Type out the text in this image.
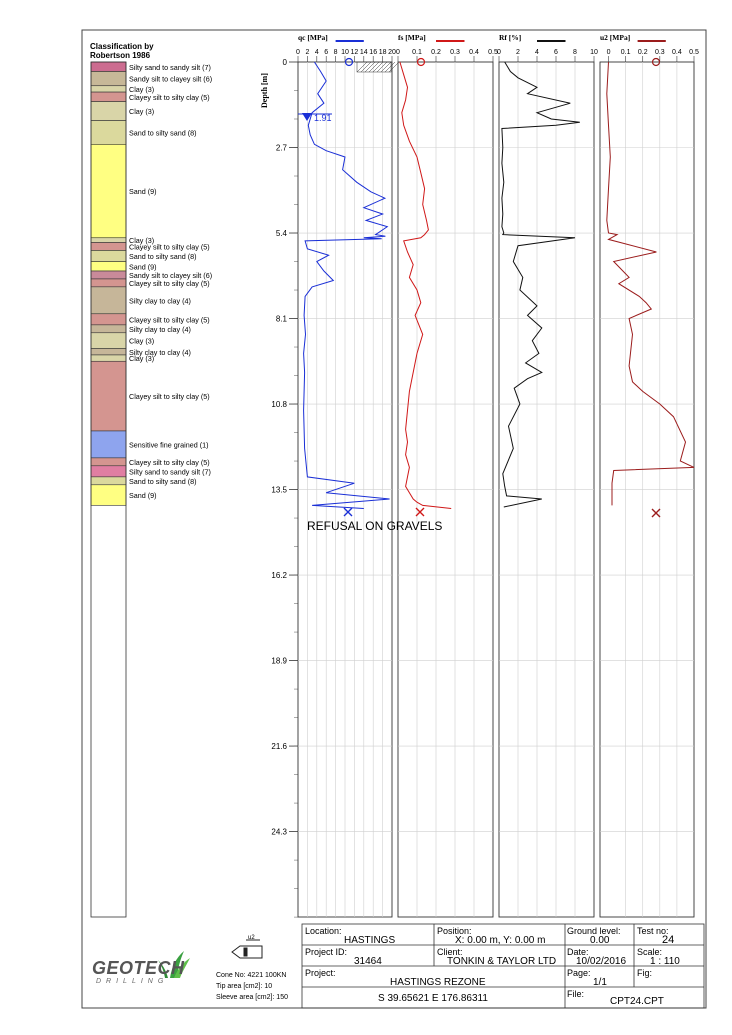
Classification by
Robertson 1986
Silty sand to sandy silt (7)
Sandy silt to clayey silt (6)
Clay (3)
Clayey silt to silty clay (5)
Clay (3)
Sand to silty sand (8)
Sand (9)
Clay (3)
Clayey silt to silty clay (5)
Sand to silty sand (8)
Sand (9)
Sandy silt to clayey silt (6)
Clayey silt to silty clay (5)
Silty clay to clay (4)
Clayey silt to silty clay (5)
Silty clay to clay (4)
Clay (3)
Silty clay to clay (4)
Clay (3)
Clayey silt to silty clay (5)
Sensitive fine grained (1)
Clayey silt to silty clay (5)
Silty sand to sandy silt (7)
Sand to silty sand (8)
Sand (9)
Depth [m]
0
2.7
5.4
8.1
10.8
13.5
16.2
18.9
21.6
24.3
qc [MPa]
0 2 4 6 8 10 12 14 16 18 20
fs [MPa]
0 0.1 0.2 0.3 0.4 0.5
Rf [%]
0 2 4 6 8 10
u2 [MPa]
0 0.1 0.2 0.3 0.4 0.5
1.91
REFUSAL ON GRAVELS
u2
Location:
HASTINGS
Position:
X: 0.00 m, Y: 0.00 m
Ground level:
0.00
Test no:
24
Project ID:
31464
Client:
TONKIN & TAYLOR LTD
Date:
10/02/2016
Scale:
1 : 110
Project:
HASTINGS REZONE
Page:
1/1
Fig:
S 39.65621 E 176.86311	File:
CPT24.CPT
Cone No: 4221 100KN
Tip area [cm2]: 10
Sleeve area [cm2]: 150
GEOTECH
DRILLING
